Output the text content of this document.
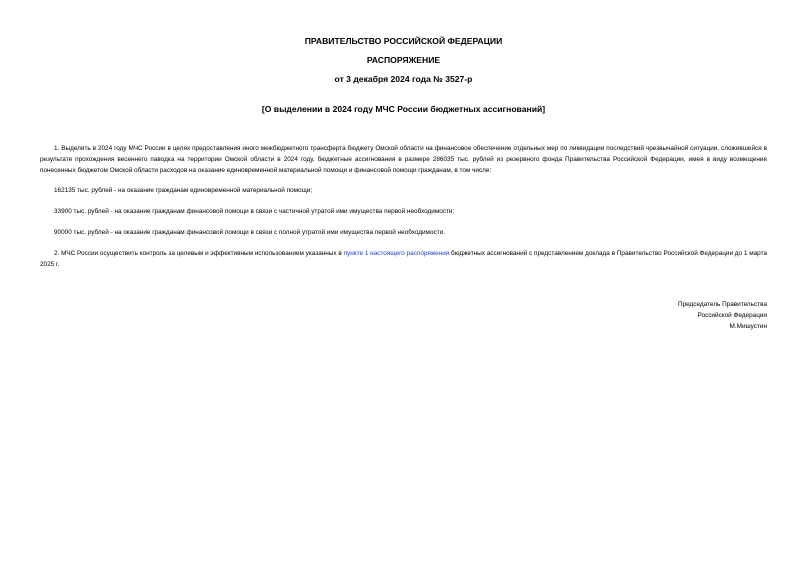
ПРАВИТЕЛЬСТВО РОССИЙСКОЙ ФЕДЕРАЦИИ
РАСПОРЯЖЕНИЕ
от 3 декабря 2024 года № 3527-р
[О выделении в 2024 году МЧС России бюджетных ассигнований]
1. Выделить в 2024 году МЧС России в целях предоставления иного межбюджетного трансферта бюджету Омской области на финансовое обеспечение отдельных мер по ликвидации последствий чрезвычайной ситуации, сложившейся в результате прохождения весеннего паводка на территории Омской области в 2024 году, бюджетные ассигнования в размере 286035 тыс. рублей из резервного фонда Правительства Российской Федерации, имея в виду возмещение понесенных бюджетом Омской области расходов на оказание единовременной материальной помощи и финансовой помощи гражданам, в том числе:
162135 тыс. рублей - на оказание гражданам единовременной материальной помощи;
33900 тыс. рублей - на оказание гражданам финансовой помощи в связи с частичной утратой ими имущества первой необходимости;
90000 тыс. рублей - на оказание гражданам финансовой помощи в связи с полной утратой ими имущества первой необходимости.
2. МЧС России осуществить контроль за целевым и эффективным использованием указанных в пункте 1 настоящего распоряжения бюджетных ассигнований с представлением доклада в Правительство Российской Федерации до 1 марта 2025 г.
Председатель Правительства
Российской Федерации
М.Мишустин
